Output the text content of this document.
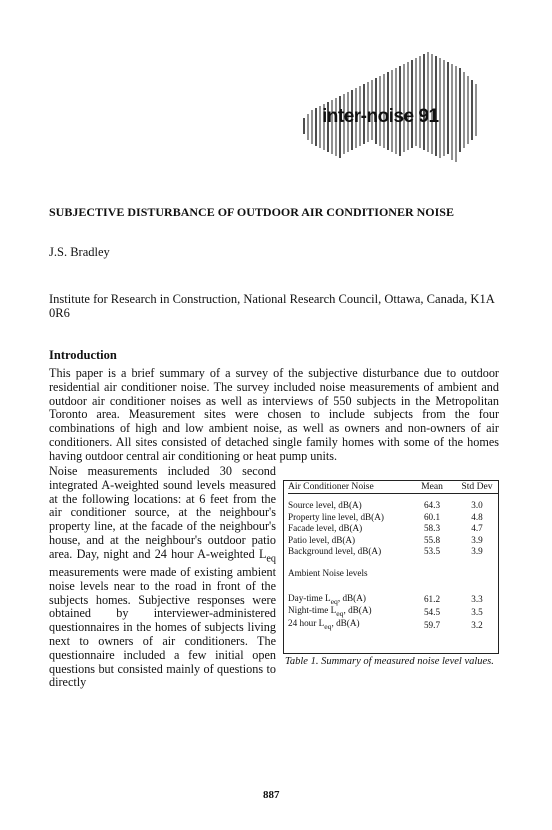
inter-noise 91
SUBJECTIVE DISTURBANCE OF OUTDOOR AIR CONDITIONER NOISE
J.S. Bradley
Institute for Research in Construction, National Research Council, Ottawa, Canada, K1A 0R6
Introduction
This paper is a brief summary of a survey of the subjective disturbance due to outdoor residential air conditioner noise. The survey included noise measurements of ambient and outdoor air conditioner noises as well as interviews of 550 subjects in the Metropolitan Toronto area. Measurement sites were chosen to include subjects from the four combinations of high and low ambient noise, as well as owners and non-owners of air conditioners. All sites consisted of detached single family homes with some of the homes having outdoor central air conditioning or heat pump units.

Noise measurements included 30 second integrated A-weighted sound levels measured at the following locations: at 6 feet from the air conditioner source, at the neighbour's property line, at the facade of the neighbour's house, and at the neighbour's outdoor patio area. Day, night and 24 hour A-weighted $L_{eq}$ measurements were made of existing ambient noise levels near to the road in front of the subjects homes. Subjective responses were obtained by interviewer-administered questionnaires in the homes of subjects living next to owners of air conditioners. The questionnaire included a few initial open questions but consisted mainly of questions to directly

Air Conditioner Noise	Mean	Std Dev

Source level, dB(A)	64.3	3.0
Property line level, dB(A)	60.1	4.8
Facade level, dB(A)	58.3	4.7
Patio level, dB(A)	55.8	3.9
Background level, dB(A)	53.5	3.9

Ambient Noise levels		

Day-time $L_{eq}$, dB(A)	61.2	3.3
Night-time $L_{eq}$, dB(A)	54.5	3.5
24 hour $L_{eq}$, dB(A)	59.7	3.2
Table 1. Summary of measured noise level values.
887
